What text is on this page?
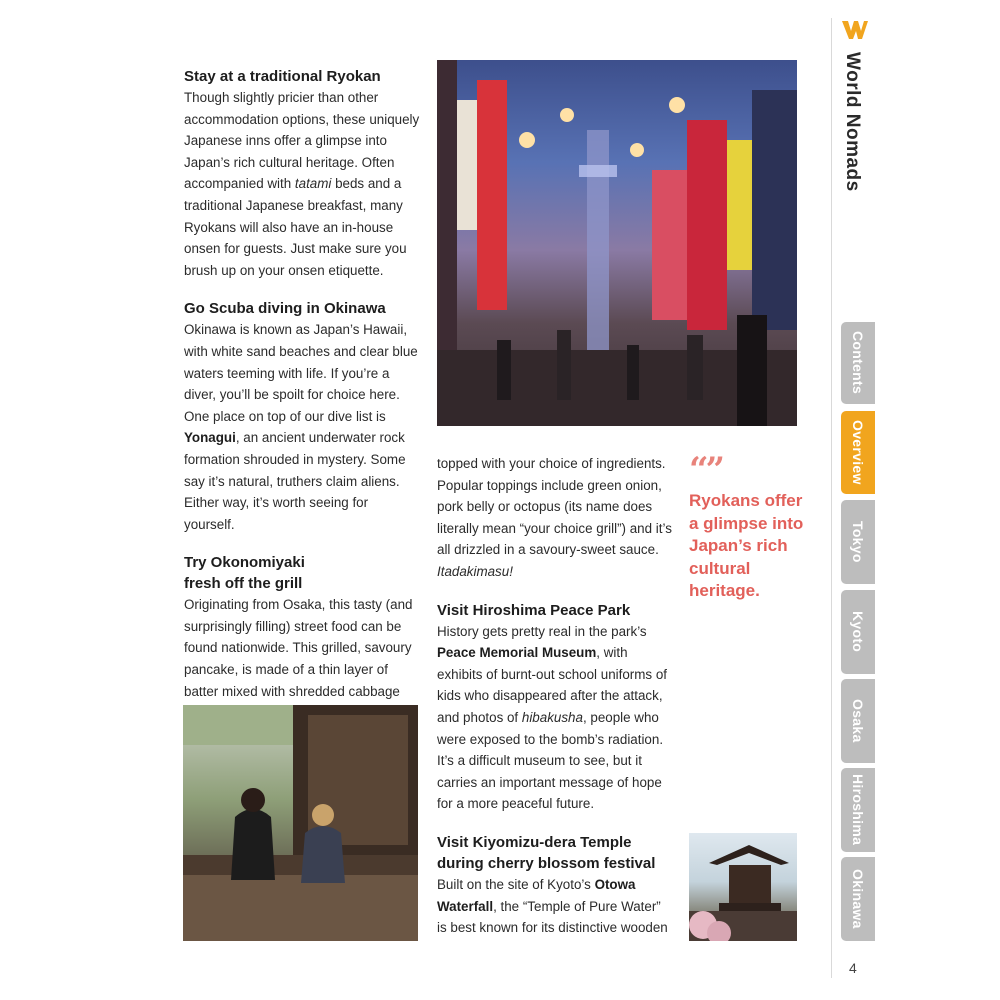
Stay at a traditional Ryokan

Though slightly pricier than other accommodation options, these uniquely Japanese inns offer a glimpse into Japan’s rich cultural heritage. Often accompanied with tatami beds and a traditional Japanese breakfast, many Ryokans will also have an in-house onsen for guests. Just make sure you brush up on your onsen etiquette.

Go Scuba diving in Okinawa

Okinawa is known as Japan’s Hawaii, with white sand beaches and clear blue waters teeming with life. If you’re a diver, you’ll be spoilt for choice here. One place on top of our dive list is Yonagui, an ancient underwater rock formation shrouded in mystery. Some say it’s natural, truthers claim aliens. Either way, it’s worth seeing for yourself.

Try Okonomiyaki
fresh off the grill

Originating from Osaka, this tasty (and surprisingly filling) street food can be found nationwide. This grilled, savoury pancake, is made of a thin layer of batter mixed with shredded cabbage

topped with your choice of ingredients. Popular toppings include green onion, pork belly or octopus (its name does literally mean “your choice grill”) and it’s all drizzled in a savoury-sweet sauce. Itadakimasu!

Visit Hiroshima Peace Park

History gets pretty real in the park’s Peace Memorial Museum, with exhibits of burnt-out school uniforms of kids who disappeared after the attack, and photos of hibakusha, people who were exposed to the bomb’s radiation. It’s a difficult museum to see, but it carries an important message of hope for a more peaceful future.

Visit Kiyomizu-dera Temple
during cherry blossom festival

Built on the site of Kyoto’s Otowa Waterfall, the “Temple of Pure Water” is best known for its distinctive wooden

“”
Ryokans offer a glimpse into Japan’s rich cultural heritage.
World Nomads
Contents
Overview
Tokyo
Kyoto
Osaka
Hiroshima
Okinawa
4
